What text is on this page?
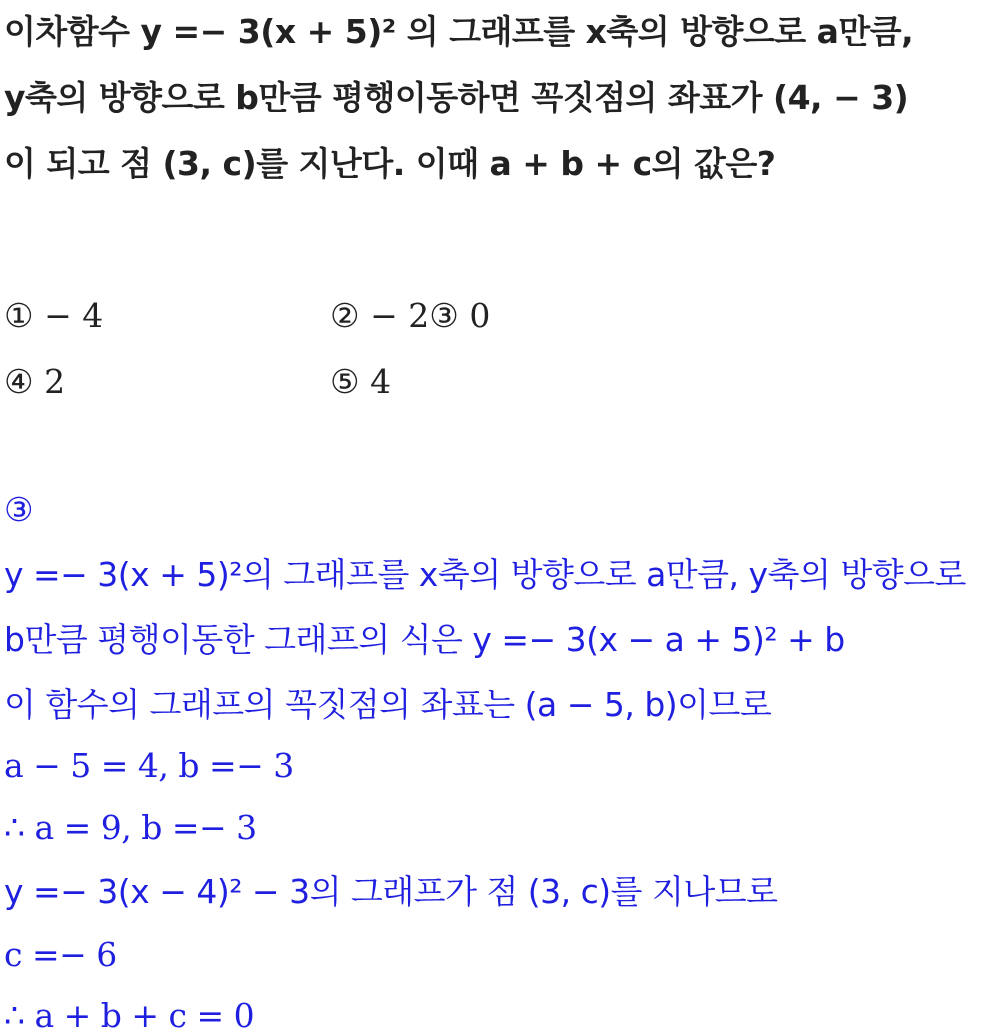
이차함수 y =− 3(x + 5)² 의 그래프를 x축의 방향으로 a만큼,
y축의 방향으로 b만큼 평행이동하면 꼭짓점의 좌표가 (4, − 3)
이 되고 점 (3, c)를 지난다. 이때 a + b + c의 값은?
① − 4	② − 2③ 0
④ 2	⑤ 4
③
y =− 3(x + 5)²의 그래프를 x축의 방향으로 a만큼, y축의 방향으로
b만큼 평행이동한 그래프의 식은 y =− 3(x − a + 5)² + b
이 함수의 그래프의 꼭짓점의 좌표는 (a − 5, b)이므로
a − 5 = 4, b =− 3
∴ a = 9, b =− 3
y =− 3(x − 4)² − 3의 그래프가 점 (3, c)를 지나므로
c =− 6
∴ a + b + c = 0
